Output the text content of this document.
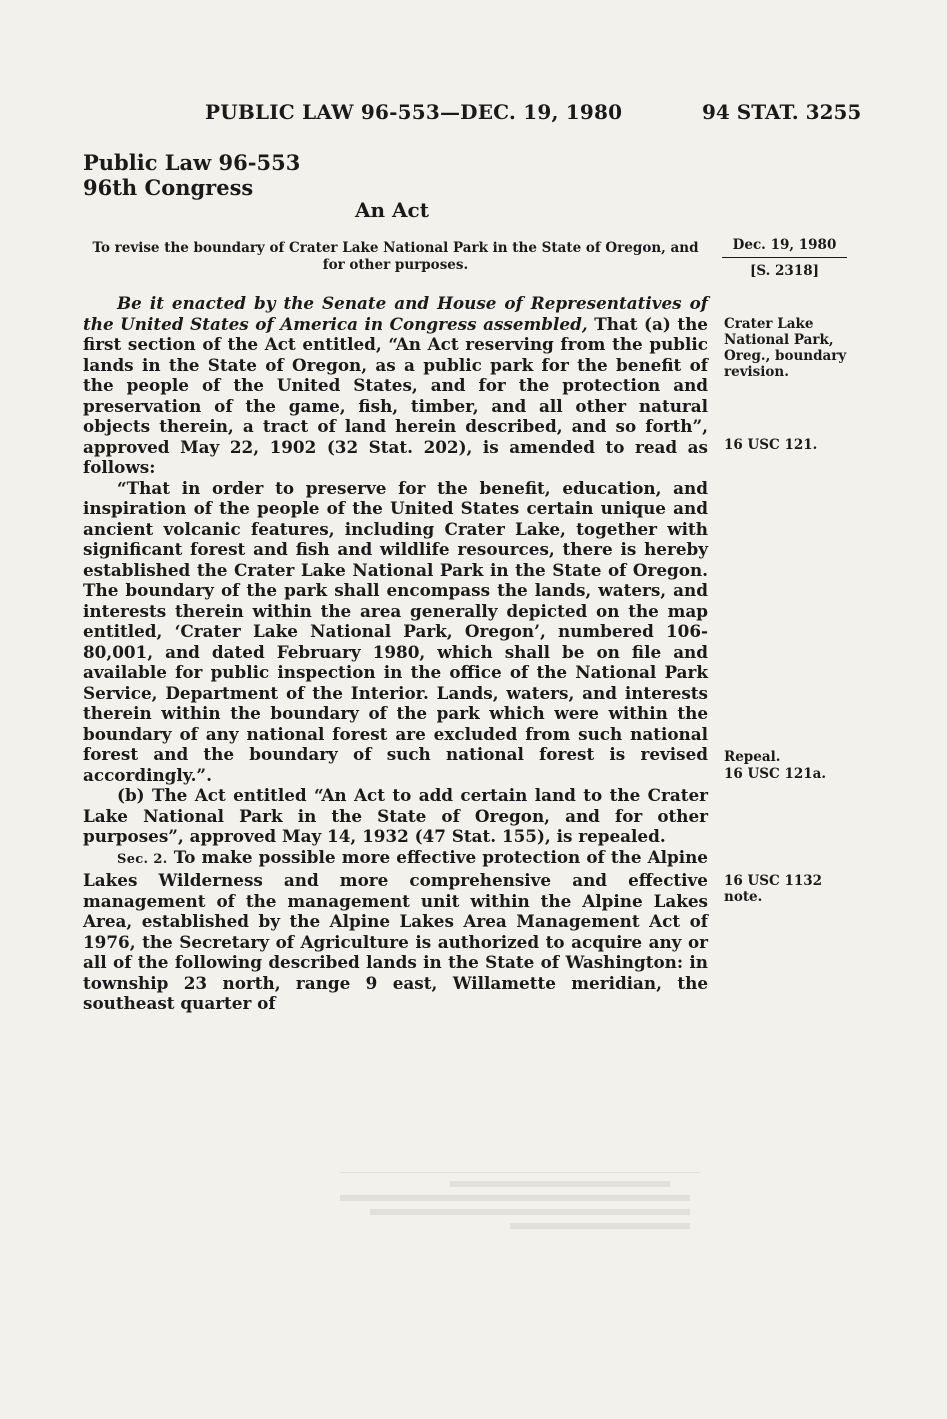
PUBLIC LAW 96-553—DEC. 19, 1980	94 STAT. 3255
Public Law 96-553
96th Congress
An Act
To revise the boundary of Crater Lake National Park in the State of Oregon, and for other purposes.
Dec. 19, 1980
[S. 2318]
Crater Lake National Park, Oreg., boundary revision.
16 USC 121.
Repeal.
16 USC 121a.
16 USC 1132 note.

Be it enacted by the Senate and House of Representatives of the United States of America in Congress assembled, That (a) the first section of the Act entitled, “An Act reserving from the public lands in the State of Oregon, as a public park for the benefit of the people of the United States, and for the protection and preservation of the game, fish, timber, and all other natural objects therein, a tract of land herein described, and so forth”, approved May 22, 1902 (32 Stat. 202), is amended to read as follows:

“That in order to preserve for the benefit, education, and inspiration of the people of the United States certain unique and ancient volcanic features, including Crater Lake, together with significant forest and fish and wildlife resources, there is hereby established the Crater Lake National Park in the State of Oregon. The boundary of the park shall encompass the lands, waters, and interests therein within the area generally depicted on the map entitled, ‘Crater Lake National Park, Oregon’, numbered 106-80,001, and dated February 1980, which shall be on file and available for public inspection in the office of the National Park Service, Department of the Interior. Lands, waters, and interests therein within the boundary of the park which were within the boundary of any national forest are excluded from such national forest and the boundary of such national forest is revised accordingly.”.

(b) The Act entitled “An Act to add certain land to the Crater Lake National Park in the State of Oregon, and for other purposes”, approved May 14, 1932 (47 Stat. 155), is repealed.

Sec. 2. To make possible more effective protection of the Alpine Lakes Wilderness and more comprehensive and effective management of the management unit within the Alpine Lakes Area, established by the Alpine Lakes Area Management Act of 1976, the Secretary of Agriculture is authorized to acquire any or all of the following described lands in the State of Washington: in township 23 north, range 9 east, Willamette meridian, the southeast quarter of
